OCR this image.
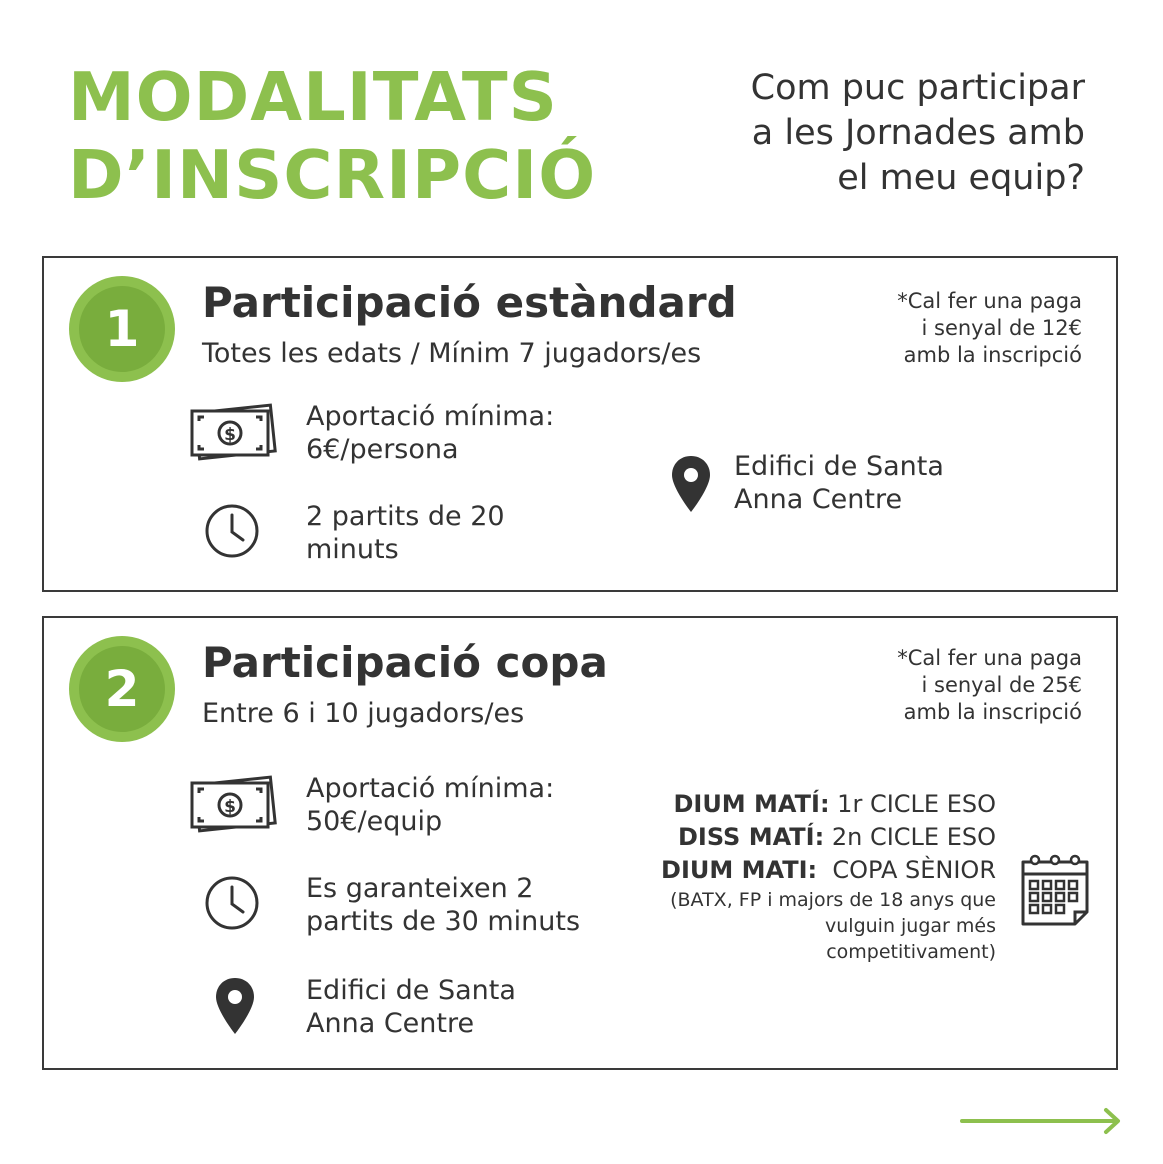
MODALITATS
D’INSCRIPCIÓ
Com puc participar
a les Jornades amb
el meu equip?
1	Participació estàndard
Totes les edats / Mínim 7 jugadors/es
*Cal fer una paga
i senyal de 12€
amb la inscripció
$
Aportació mínima:
6€/persona
2 partits de 20
minuts
Edifici de Santa
Anna Centre
2	Participació copa
Entre 6 i 10 jugadors/es
*Cal fer una paga
i senyal de 25€
amb la inscripció
$
Aportació mínima:
50€/equip
Es garanteixen 2
partits de 30 minuts
Edifici de Santa
Anna Centre
DIUM MATÍ: 1r CICLE ESO
DISS MATÍ: 2n CICLE ESO
DIUM MATI:  COPA SÈNIOR
(BATX, FP i majors de 18 anys que
vulguin jugar més
competitivament)
